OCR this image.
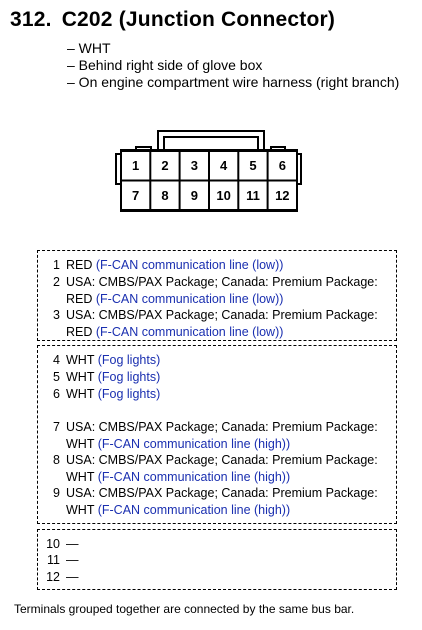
312. C202 (Junction Connector)
– WHT
– Behind right side of glove box
– On engine compartment wire harness (right branch)
1	2	3	4	5	6
7	8	9	10	11	12
1 RED (F-CAN communication line (low))
2 USA: CMBS/PAX Package; Canada: Premium Package:
RED (F-CAN communication line (low))
3 USA: CMBS/PAX Package; Canada: Premium Package:
RED (F-CAN communication line (low))
4 WHT (Fog lights)
5 WHT (Fog lights)
6 WHT (Fog lights)
7 USA: CMBS/PAX Package; Canada: Premium Package:
WHT (F-CAN communication line (high))
8 USA: CMBS/PAX Package; Canada: Premium Package:
WHT (F-CAN communication line (high))
9 USA: CMBS/PAX Package; Canada: Premium Package:
WHT (F-CAN communication line (high))
10 —
11 —
12 —
Terminals grouped together are connected by the same bus bar.
